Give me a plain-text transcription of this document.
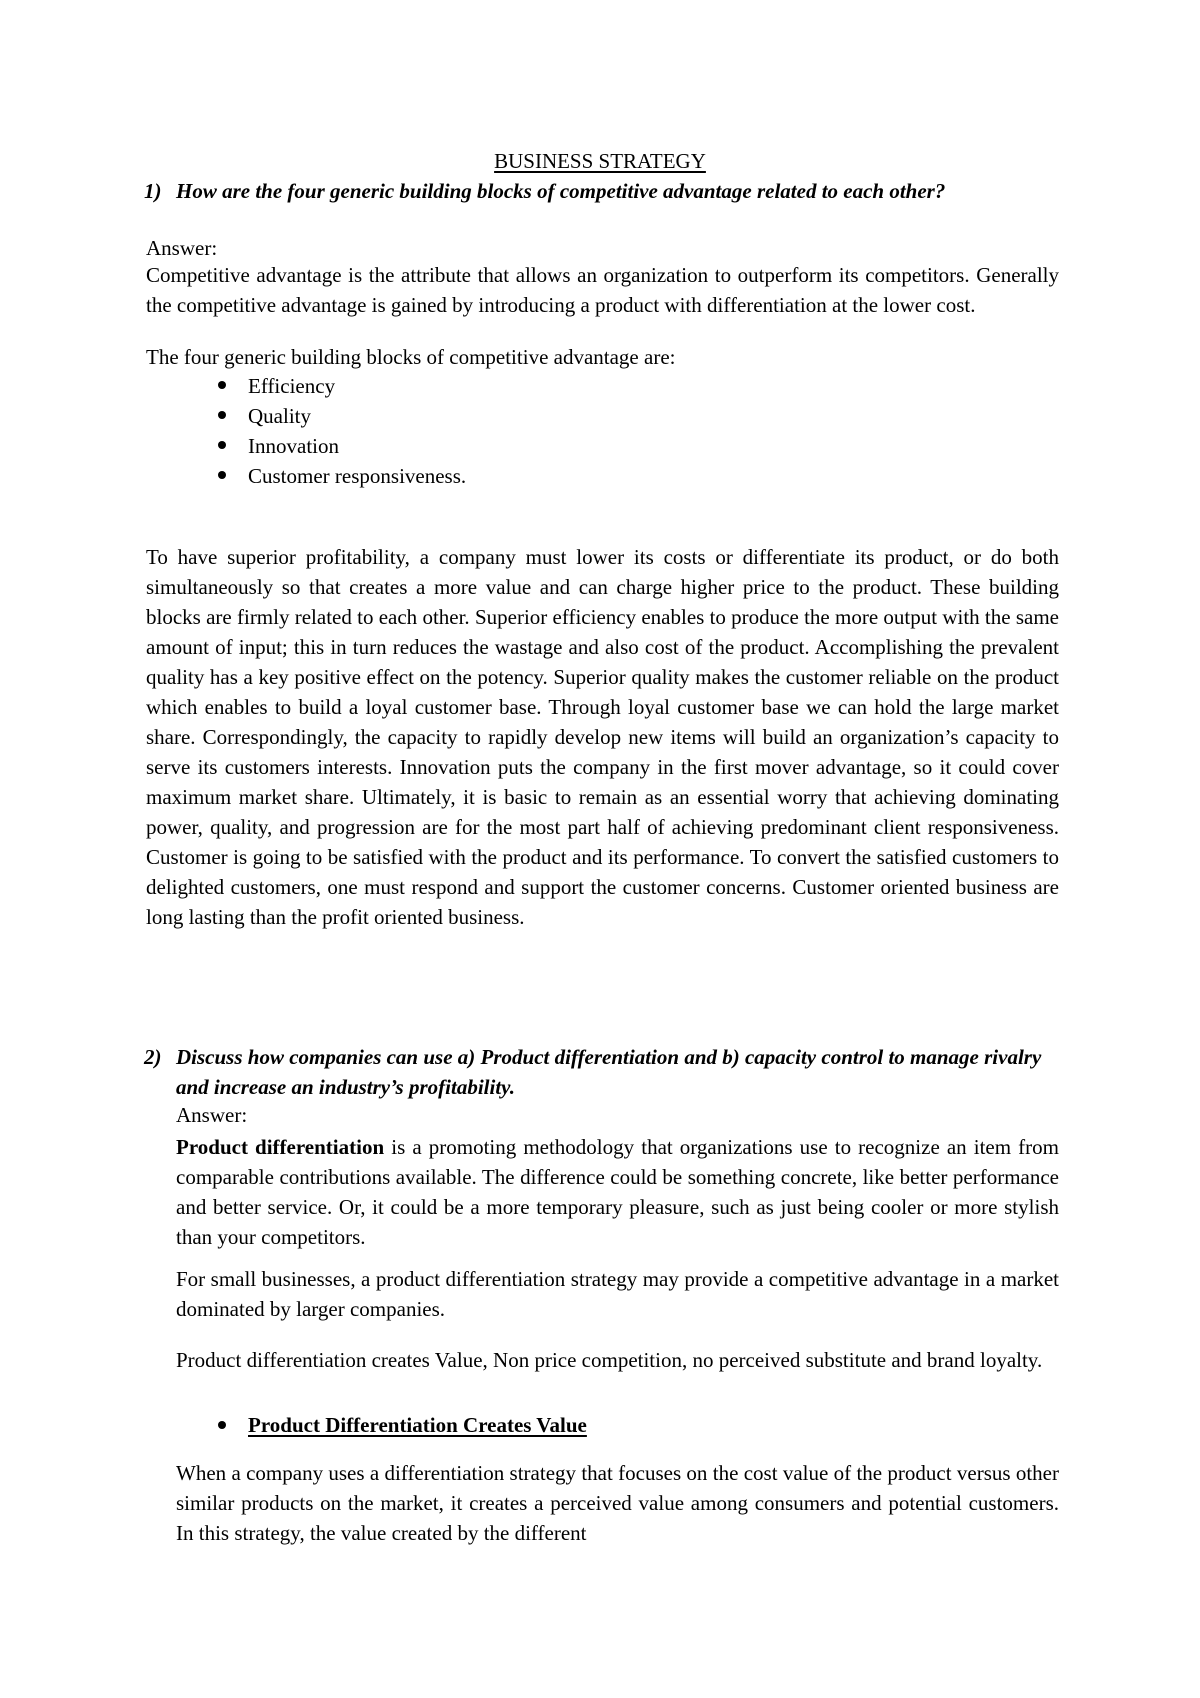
BUSINESS STRATEGY
1) How are the four generic building blocks of competitive advantage related to each other?
Answer:

Competitive advantage is the attribute that allows an organization to outperform its competitors. Generally the competitive advantage is gained by introducing a product with differentiation at the lower cost.

The four generic building blocks of competitive advantage are:
Efficiency
Quality
Innovation
Customer responsiveness.

To have superior profitability, a company must lower its costs or differentiate its product, or do both simultaneously so that creates a more value and can charge higher price to the product. These building blocks are firmly related to each other. Superior efficiency enables to produce the more output with the same amount of input; this in turn reduces the wastage and also cost of the product. Accomplishing the prevalent quality has a key positive effect on the potency. Superior quality makes the customer reliable on the product which enables to build a loyal customer base. Through loyal customer base we can hold the large market share. Correspondingly, the capacity to rapidly develop new items will build an organization’s capacity to serve its customers interests. Innovation puts the company in the first mover advantage, so it could cover maximum market share. Ultimately, it is basic to remain as an essential worry that achieving dominating power, quality, and progression are for the most part half of achieving predominant client responsiveness. Customer is going to be satisfied with the product and its performance. To convert the satisfied customers to delighted customers, one must respond and support the customer concerns. Customer oriented business are long lasting than the profit oriented business.

2) Discuss how companies can use a) Product differentiation and b) capacity control to manage rivalry and increase an industry’s profitability.
Answer:

Product differentiation is a promoting methodology that organizations use to recognize an item from comparable contributions available. The difference could be something concrete, like better performance and better service. Or, it could be a more temporary pleasure, such as just being cooler or more stylish than your competitors.

For small businesses, a product differentiation strategy may provide a competitive advantage in a market dominated by larger companies.

Product differentiation creates Value, Non price competition, no perceived substitute and brand loyalty.

Product Differentiation Creates Value

When a company uses a differentiation strategy that focuses on the cost value of the product versus other similar products on the market, it creates a perceived value among consumers and potential customers. In this strategy, the value created by the different
